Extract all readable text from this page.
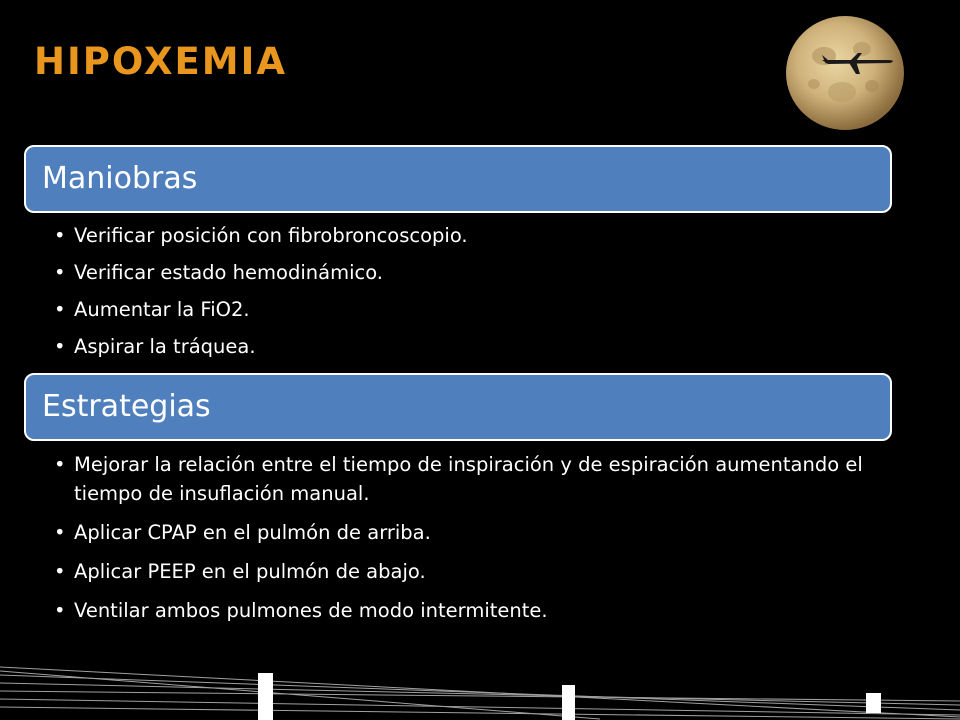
HIPOXEMIA
Maniobras
• Verificar posición con fibrobroncoscopio.
• Verificar estado hemodinámico.
• Aumentar la FiO2.
• Aspirar la tráquea.
Estrategias
• Mejorar la relación entre el tiempo de inspiración y de espiración aumentando el tiempo de insuflación manual.
• Aplicar CPAP en el pulmón de arriba.
• Aplicar PEEP en el pulmón de abajo.
• Ventilar ambos pulmones de modo intermitente.
